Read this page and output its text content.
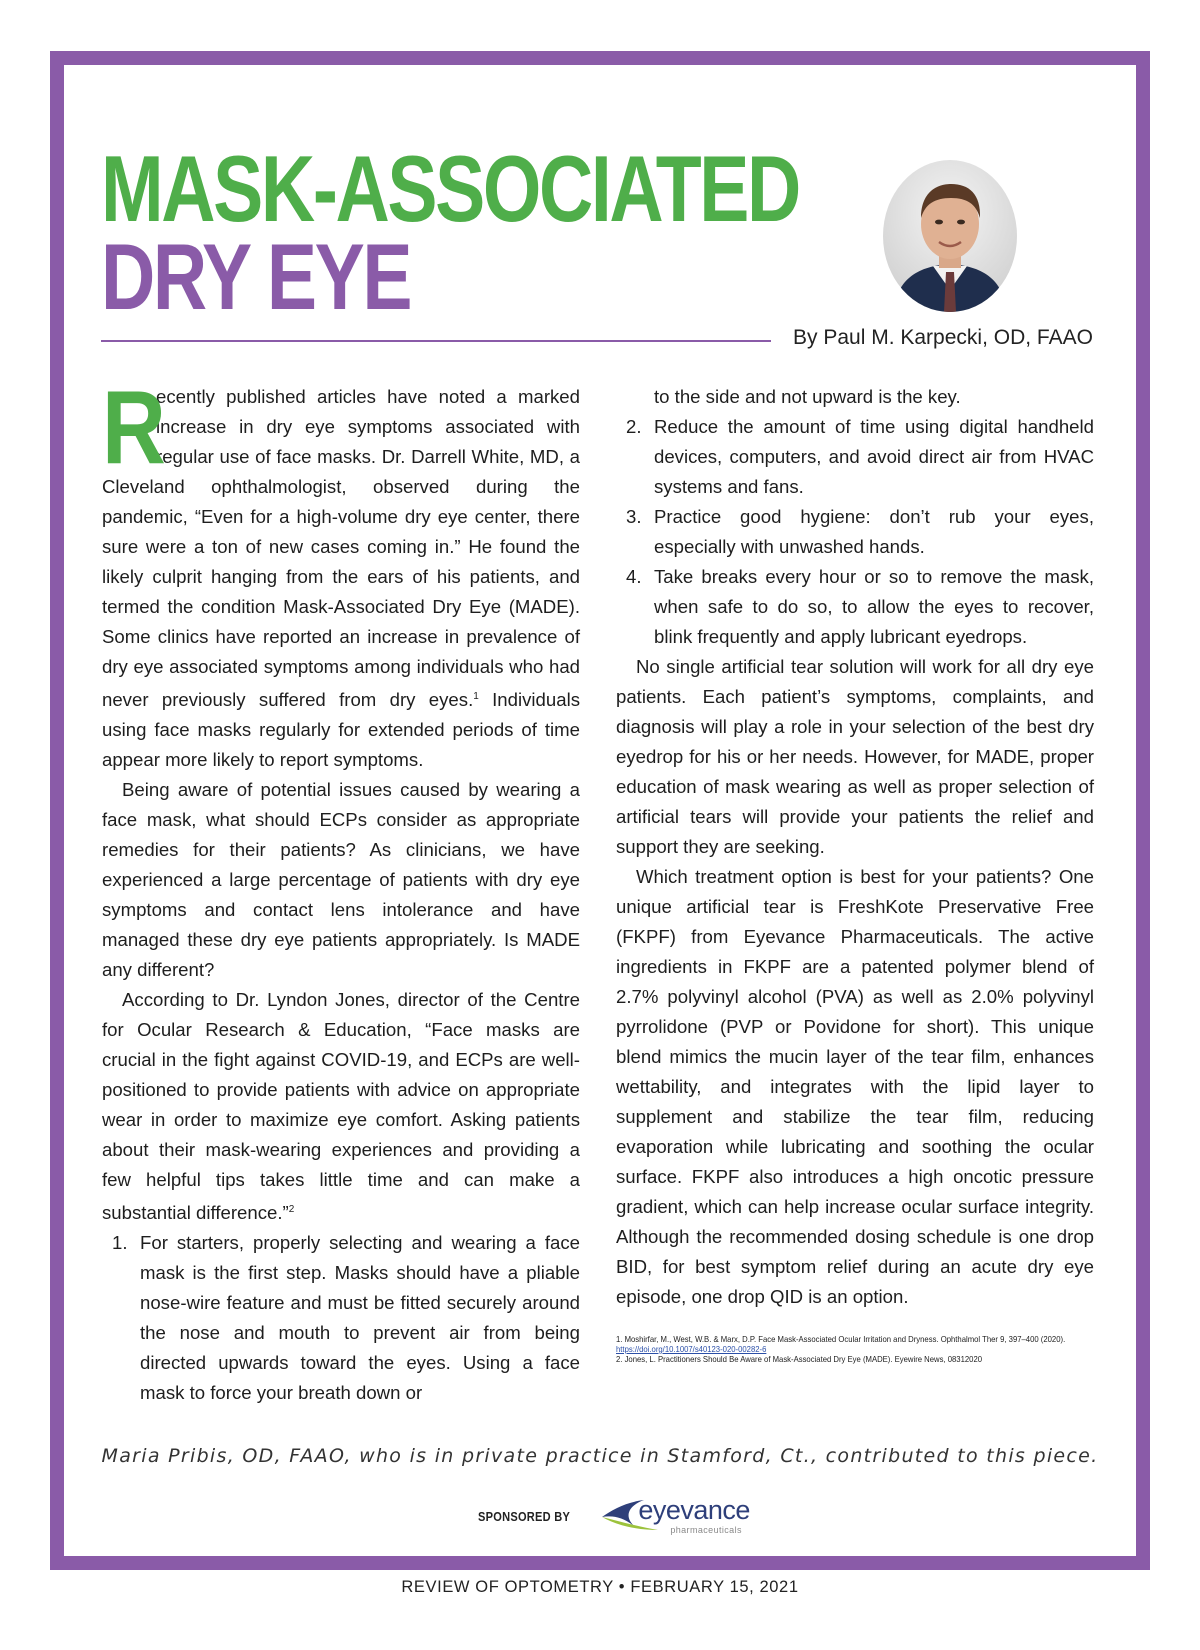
MASK-ASSOCIATED
DRY EYE
By Paul M. Karpecki, OD, FAAO

R
ecently published articles have noted a marked increase in dry eye symptoms associated with regular use of face masks. Dr. Darrell White, MD, a Cleveland ophthalmologist, observed during the pandemic, “Even for a high-volume dry eye center, there sure were a ton of new cases coming in.” He found the likely culprit hanging from the ears of his patients, and termed the condition Mask-Associated Dry Eye (MADE). Some clinics have reported an increase in prevalence of dry eye associated symptoms among individuals who had never previously suffered from dry eyes.$^1$ Individuals using face masks regularly for extended periods of time appear more likely to report symptoms.

Being aware of potential issues caused by wearing a face mask, what should ECPs consider as appropriate remedies for their patients? As clinicians, we have experienced a large percentage of patients with dry eye symptoms and contact lens intolerance and have managed these dry eye patients appropriately. Is MADE any different?

According to Dr. Lyndon Jones, director of the Centre for Ocular Research & Education, “Face masks are crucial in the fight against COVID-19, and ECPs are well-positioned to provide patients with advice on appropriate wear in order to maximize eye comfort. Asking patients about their mask-wearing experiences and providing a few helpful tips takes little time and can make a substantial difference.”$^2$

1. For starters, properly selecting and wearing a face mask is the first step. Masks should have a pliable nose-wire feature and must be fitted securely around the nose and mouth to prevent air from being directed upwards toward the eyes. Using a face mask to force your breath down or

to the side and not upward is the key.

2. Reduce the amount of time using digital handheld devices, computers, and avoid direct air from HVAC systems and fans.
3. Practice good hygiene: don’t rub your eyes, especially with unwashed hands.
4. Take breaks every hour or so to remove the mask, when safe to do so, to allow the eyes to recover, blink frequently and apply lubricant eyedrops.

No single artificial tear solution will work for all dry eye patients. Each patient’s symptoms, complaints, and diagnosis will play a role in your selection of the best dry eyedrop for his or her needs. However, for MADE, proper education of mask wearing as well as proper selection of artificial tears will provide your patients the relief and support they are seeking.

Which treatment option is best for your patients? One unique artificial tear is FreshKote Preservative Free (FKPF) from Eyevance Pharmaceuticals. The active ingredients in FKPF are a patented polymer blend of 2.7% polyvinyl alcohol (PVA) as well as 2.0% polyvinyl pyrrolidone (PVP or Povidone for short). This unique blend mimics the mucin layer of the tear film, enhances wettability, and integrates with the lipid layer to supplement and stabilize the tear film, reducing evaporation while lubricating and soothing the ocular surface. FKPF also introduces a high oncotic pressure gradient, which can help increase ocular surface integrity. Although the recommended dosing schedule is one drop BID, for best symptom relief during an acute dry eye episode, one drop QID is an option.

1. Moshirfar, M., West, W.B. & Marx, D.P. Face Mask-Associated Ocular Irritation and Dryness. Ophthalmol Ther 9, 397–400 (2020). https://doi.org/10.1007/s40123-020-00282-6
2. Jones, L. Practitioners Should Be Aware of Mask-Associated Dry Eye (MADE). Eyewire News, 08312020
Maria Pribis, OD, FAAO, who is in private practice in Stamford, Ct., contributed to this piece.
SPONSORED BY	eyevance
pharmaceuticals
REVIEW OF OPTOMETRY • FEBRUARY 15, 2021
